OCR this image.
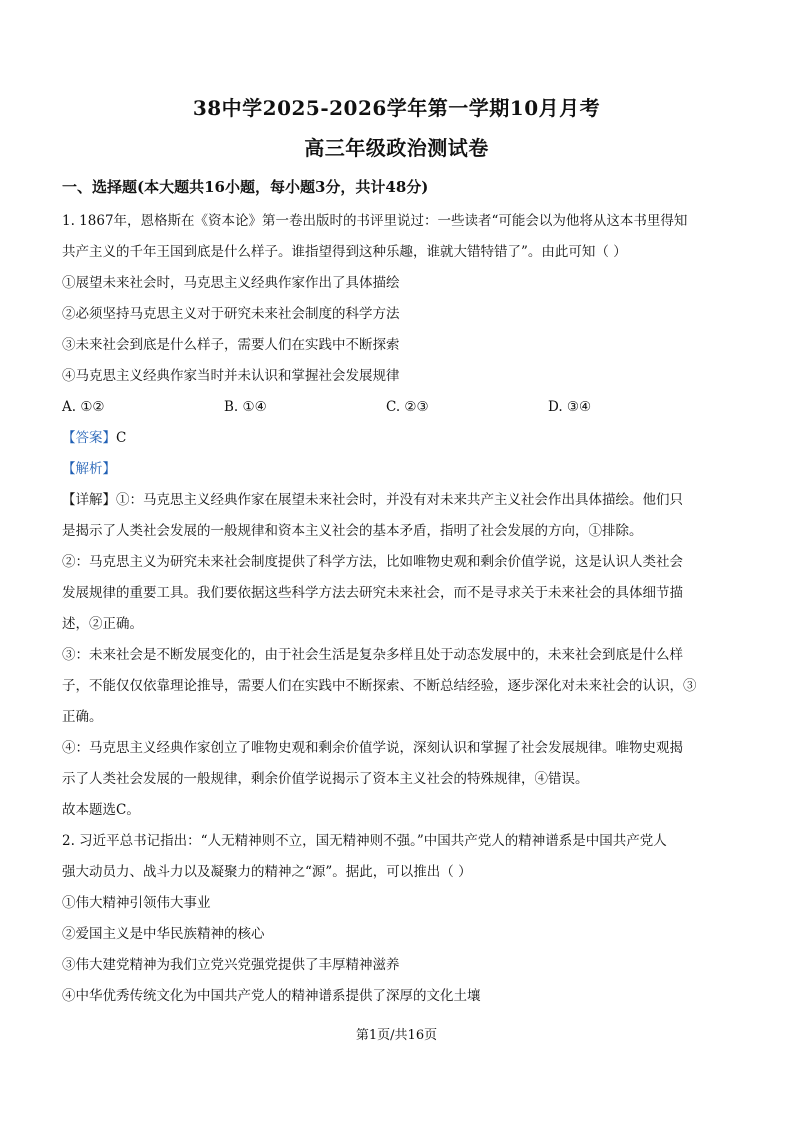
38中学2025-2026学年第一学期10月月考
高三年级政治测试卷
一、选择题(本大题共16小题，每小题3分，共计48分)
1. 1867年，恩格斯在《资本论》第一卷出版时的书评里说过：一些读者“可能会以为他将从这本书里得知
共产主义的千年王国到底是什么样子。谁指望得到这种乐趣，谁就大错特错了”。由此可知（ ）
①展望未来社会时，马克思主义经典作家作出了具体描绘
②必须坚持马克思主义对于研究未来社会制度的科学方法
③未来社会到底是什么样子，需要人们在实践中不断探索
④马克思主义经典作家当时并未认识和掌握社会发展规律
A. ①②	B. ①④	C. ②③	D. ③④
【答案】C
【解析】
【详解】①：马克思主义经典作家在展望未来社会时，并没有对未来共产主义社会作出具体描绘。他们只
是揭示了人类社会发展的一般规律和资本主义社会的基本矛盾，指明了社会发展的方向，①排除。
②：马克思主义为研究未来社会制度提供了科学方法，比如唯物史观和剩余价值学说，这是认识人类社会
发展规律的重要工具。我们要依据这些科学方法去研究未来社会，而不是寻求关于未来社会的具体细节描
述，②正确。
③：未来社会是不断发展变化的，由于社会生活是复杂多样且处于动态发展中的，未来社会到底是什么样
子，不能仅仅依靠理论推导，需要人们在实践中不断探索、不断总结经验，逐步深化对未来社会的认识，③
正确。
④：马克思主义经典作家创立了唯物史观和剩余价值学说，深刻认识和掌握了社会发展规律。唯物史观揭
示了人类社会发展的一般规律，剩余价值学说揭示了资本主义社会的特殊规律，④错误。
故本题选C。
2. 习近平总书记指出：“人无精神则不立，国无精神则不强。”中国共产党人的精神谱系是中国共产党人
强大动员力、战斗力以及凝聚力的精神之“源”。据此，可以推出（ ）
①伟大精神引领伟大事业
②爱国主义是中华民族精神的核心
③伟大建党精神为我们立党兴党强党提供了丰厚精神滋养
④中华优秀传统文化为中国共产党人的精神谱系提供了深厚的文化土壤
第1页/共16页
